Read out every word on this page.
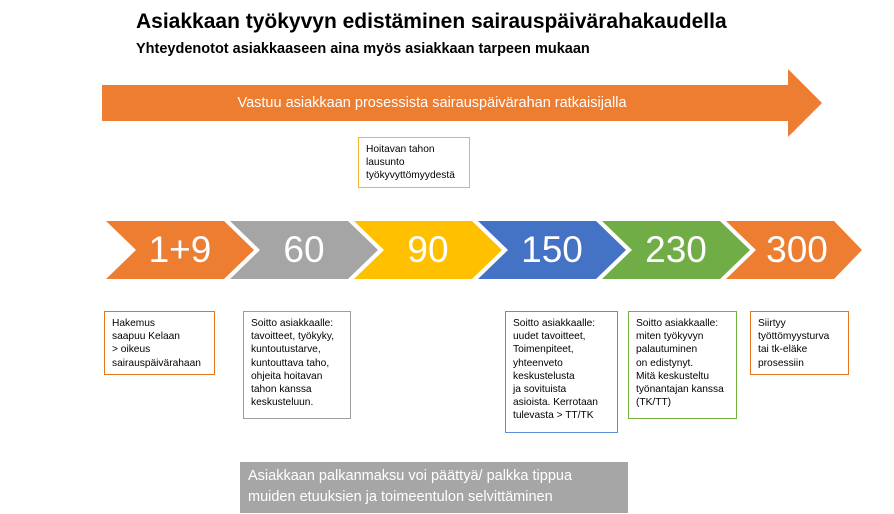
Asiakkaan työkyvyn edistäminen sairauspäivärahakaudella
Yhteydenotot asiakkaaseen aina myös asiakkaan tarpeen mukaan
Vastuu asiakkaan prosessista sairauspäivärahan ratkaisijalla
Hoitavan tahon
lausunto
työkyvyttömyydestä
1+9	60	90	150	230	300
Hakemus
saapuu Kelaan
> oikeus
sairauspäivärahaan
Soitto asiakkaalle:
tavoitteet, työkyky,
kuntoutustarve,
kuntouttava taho,
ohjeita hoitavan
tahon kanssa
keskusteluun.
Soitto asiakkaalle:
uudet tavoitteet,
Toimenpiteet,
yhteenveto
keskustelusta
ja sovituista
asioista. Kerrotaan
tulevasta > TT/TK
Soitto asiakkaalle:
miten työkyvyn
palautuminen
on edistynyt.
Mitä keskusteltu
työnantajan kanssa
(TK/TT)
Siirtyy
työttömyysturva
tai tk-eläke
prosessiin
Asiakkaan palkanmaksu voi päättyä/ palkka tippua
muiden etuuksien ja toimeentulon selvittäminen
